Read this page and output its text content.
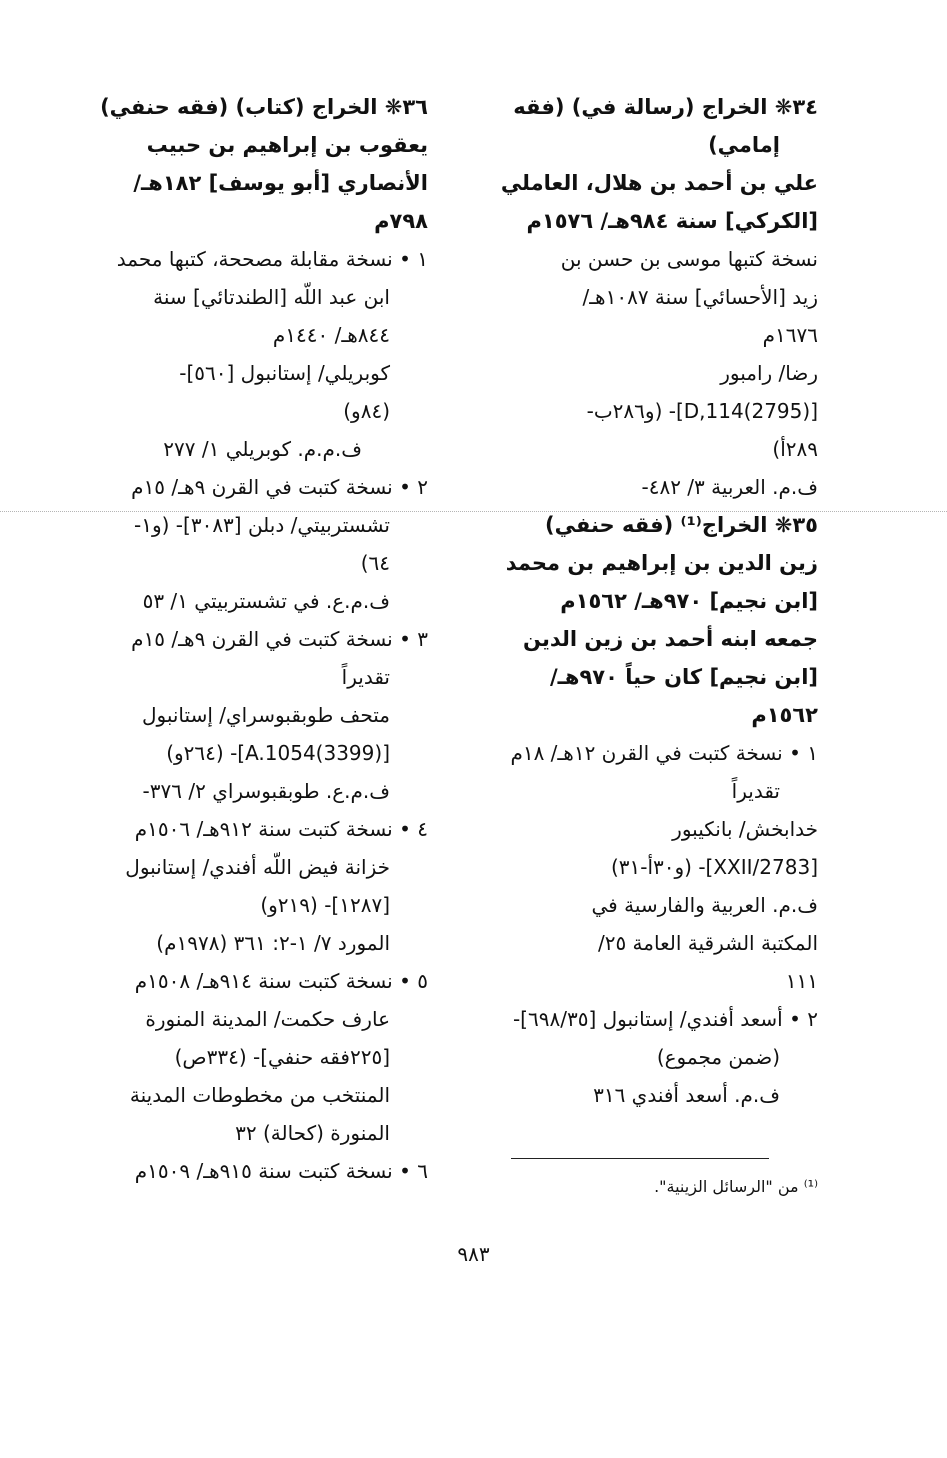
٣٤❋ الخراج (رسالة في) (فقه
إمامي)
علي بن أحمد بن هلال، العاملي
[الكركي] سنة ٩٨٤هـ/ ١٥٧٦م
نسخة كتبها موسى بن حسن بن
زيد [الأحسائي] سنة ١٠٨٧هـ/
١٦٧٦م
رضا/ رامبور
[D,114(2795)]- (و٢٨٦ب-
٢٨٩أ)
ف.م. العربية ٣/ ٤٨٢-
٣٥❋ الخراج⁽¹⁾ (فقه حنفي)
زين الدين بن إبراهيم بن محمد
[ابن نجيم] ٩٧٠هـ/ ١٥٦٢م
جمعه ابنه أحمد بن زين الدين
[ابن نجيم] كان حياً ٩٧٠هـ/
١٥٦٢م
١ • نسخة كتبت في القرن ١٢هـ/ ١٨م
تقديراً
خدابخش/ بانكيبور
[XXII/2783]- (و٣٠أ-٣١)
ف.م. العربية والفارسية في
المكتبة الشرقية العامة ٢٥/
١١١
٢ • أسعد أفندي/ إستانبول [٦٩٨/٣٥]-
(ضمن مجموع)
ف.م. أسعد أفندي ٣١٦
٣٦❋ الخراج (كتاب) (فقه حنفي)
يعقوب بن إبراهيم بن حبيب
الأنصاري [أبو يوسف] ١٨٢هـ/
٧٩٨م
١ • نسخة مقابلة مصححة، كتبها محمد
ابن عبد اللّه [الطندتائي] سنة
٨٤٤هـ/ ١٤٤٠م
كوبريلي/ إستانبول [٥٦٠]-
(٨٤و)
ف.م.م. كوبريلي ١/ ٢٧٧
٢ • نسخة كتبت في القرن ٩هـ/ ١٥م
تشستربيتي/ دبلن [٣٠٨٣]- (و١-
٦٤)
ف.م.ع. في تشستربيتي ١/ ٥٣
٣ • نسخة كتبت في القرن ٩هـ/ ١٥م
تقديراً
متحف طوبقبوسراي/ إستانبول
[A.1054(3399)]- (٢٦٤و)
ف.م.ع. طوبقبوسراي ٢/ ٣٧٦-
٤ • نسخة كتبت سنة ٩١٢هـ/ ١٥٠٦م
خزانة فيض اللّه أفندي/ إستانبول
[١٢٨٧]- (٢١٩و)
المورد ٧/ ١-٢: ٣٦١ (١٩٧٨م)
٥ • نسخة كتبت سنة ٩١٤هـ/ ١٥٠٨م
عارف حكمت/ المدينة المنورة
[٢٢٥فقه حنفي]- (٣٣٤ص)
المنتخب من مخطوطات المدينة
المنورة (كحالة) ٣٢
٦ • نسخة كتبت سنة ٩١٥هـ/ ١٥٠٩م
⁽¹⁾ من "الرسائل الزينية".
٩٨٣
